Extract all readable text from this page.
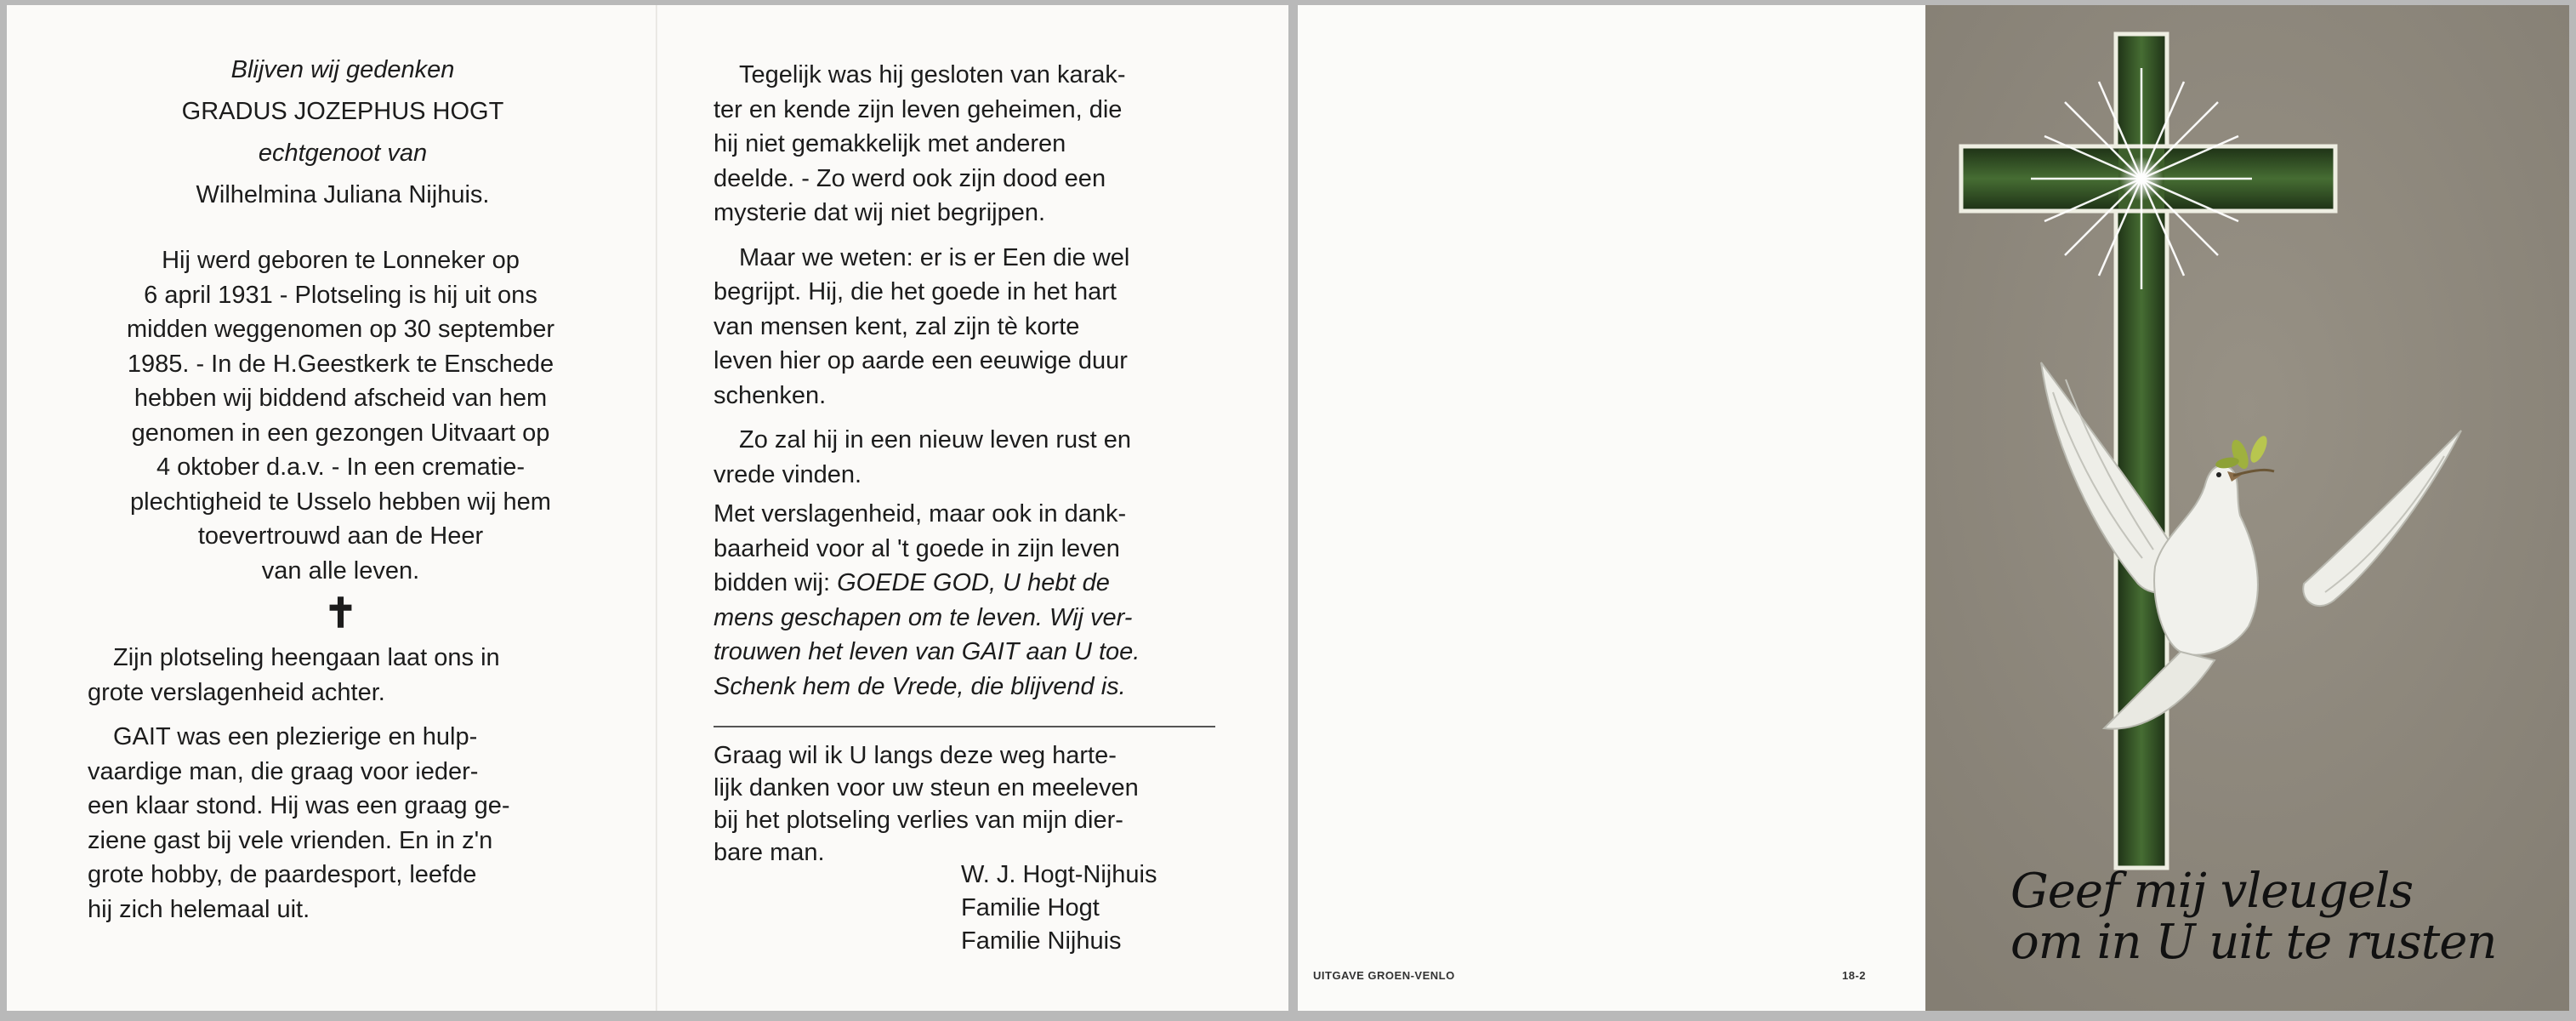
Blijven wij gedenken

GRADUS JOZEPHUS HOGT

echtgenoot van

Wilhelmina Juliana Nijhuis.

Hij werd geboren te Lonneker op

6 april 1931 - Plotseling is hij uit ons

midden weggenomen op 30 september

1985. - In de H.Geestkerk te Enschede

hebben wij biddend afscheid van hem

genomen in een gezongen Uitvaart op

4 oktober d.a.v. - In een crematie-

plechtigheid te Usselo hebben wij hem

toevertrouwd aan de Heer

van alle leven.

✝

Zijn plotseling heengaan laat ons in

grote verslagenheid achter.

GAIT was een plezierige en hulp-

vaardige man, die graag voor ieder-

een klaar stond. Hij was een graag ge-

ziene gast bij vele vrienden. En in z'n

grote hobby, de paardesport, leefde

hij zich helemaal uit.

Tegelijk was hij gesloten van karak-

ter en kende zijn leven geheimen, die

hij niet gemakkelijk met anderen

deelde. - Zo werd ook zijn dood een

mysterie dat wij niet begrijpen.

Maar we weten: er is er Een die wel

begrijpt. Hij, die het goede in het hart

van mensen kent, zal zijn tè korte

leven hier op aarde een eeuwige duur

schenken.

Zo zal hij in een nieuw leven rust en

vrede vinden.

Met verslagenheid, maar ook in dank-

baarheid voor al 't goede in zijn leven

bidden wij: GOEDE GOD, U hebt de

mens geschapen om te leven. Wij ver-

trouwen het leven van GAIT aan U toe.

Schenk hem de Vrede, die blijvend is.

Graag wil ik U langs deze weg harte-

lijk danken voor uw steun en meeleven

bij het plotseling verlies van mijn dier-

bare man.

W. J. Hogt-Nijhuis

Familie Hogt

Familie Nijhuis

UITGAVE GROEN-VENLO	18-2

Geef mij vleugels

om in U uit te rusten
